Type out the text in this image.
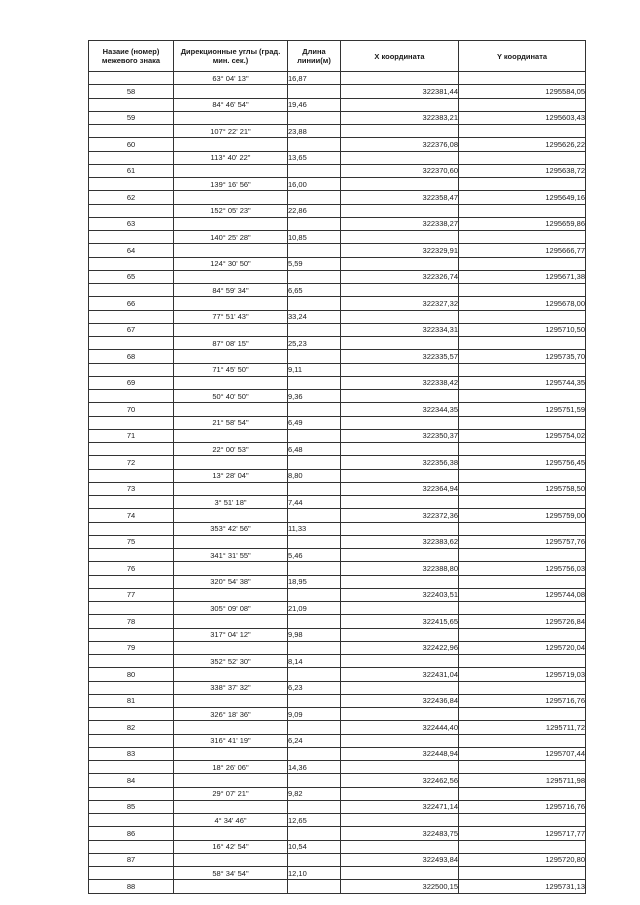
Назаие (номер) межевого знака	Дирекционные углы (град. мин. сек.)	Длина линии(м)	X координата	Y координата
	63° 04' 13"	16,87		
58			322381,44	1295584,05
	84° 46' 54"	19,46		
59			322383,21	1295603,43
	107° 22' 21"	23,88		
60			322376,08	1295626,22
	113° 40' 22"	13,65		
61			322370,60	1295638,72
	139° 16' 56"	16,00		
62			322358,47	1295649,16
	152° 05' 23"	22,86		
63			322338,27	1295659,86
	140° 25' 28"	10,85		
64			322329,91	1295666,77
	124° 30' 50"	5,59		
65			322326,74	1295671,38
	84° 59' 34"	6,65		
66			322327,32	1295678,00
	77° 51' 43"	33,24		
67			322334,31	1295710,50
	87° 08' 15"	25,23		
68			322335,57	1295735,70
	71° 45' 50"	9,11		
69			322338,42	1295744,35
	50° 40' 50"	9,36		
70			322344,35	1295751,59
	21° 58' 54"	6,49		
71			322350,37	1295754,02
	22° 00' 53"	6,48		
72			322356,38	1295756,45
	13° 28' 04"	8,80		
73			322364,94	1295758,50
	3° 51' 18"	7,44		
74			322372,36	1295759,00
	353° 42' 56"	11,33		
75			322383,62	1295757,76
	341° 31' 55"	5,46		
76			322388,80	1295756,03
	320° 54' 38"	18,95		
77			322403,51	1295744,08
	305° 09' 08"	21,09		
78			322415,65	1295726,84
	317° 04' 12"	9,98		
79			322422,96	1295720,04
	352° 52' 30"	8,14		
80			322431,04	1295719,03
	338° 37' 32"	6,23		
81			322436,84	1295716,76
	326° 18' 36"	9,09		
82			322444,40	1295711,72
	316° 41' 19"	6,24		
83			322448,94	1295707,44
	18° 26' 06"	14,36		
84			322462,56	1295711,98
	29° 07' 21"	9,82		
85			322471,14	1295716,76
	4° 34' 46"	12,65		
86			322483,75	1295717,77
	16° 42' 54"	10,54		
87			322493,84	1295720,80
	58° 34' 54"	12,10		
88			322500,15	1295731,13
